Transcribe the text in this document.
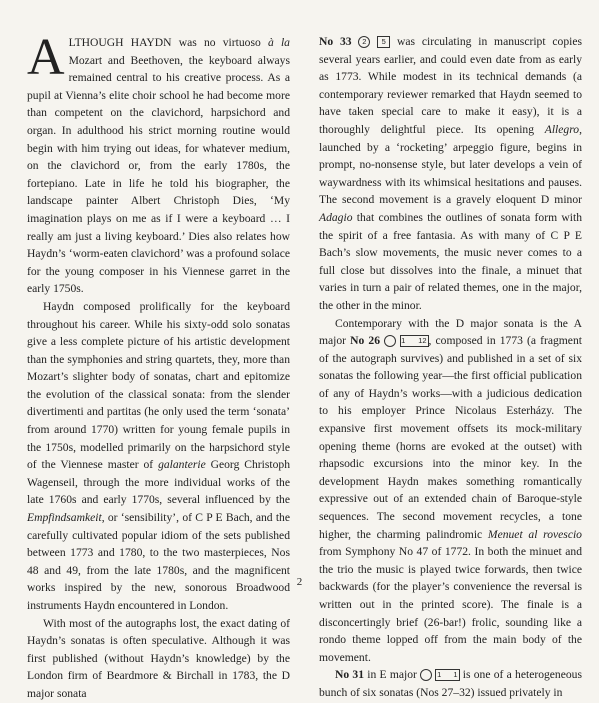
ALTHOUGH HAYDN was no virtuoso à la Mozart and Beethoven, the keyboard always remained central to his creative process. As a pupil at Vienna’s elite choir school he had become more than competent on the clavichord, harpsichord and organ. In adulthood his strict morning routine would begin with him trying out ideas, for whatever medium, on the clavichord or, from the early 1780s, the fortepiano. Late in life he told his biographer, the landscape painter Albert Christoph Dies, ‘My imagination plays on me as if I were a keyboard … I really am just a living keyboard.’ Dies also relates how Haydn’s ‘worm-eaten clavichord’ was a profound solace for the young composer in his Viennese garret in the early 1750s.

Haydn composed prolifically for the keyboard throughout his career. While his sixty-odd solo sonatas give a less complete picture of his artistic development than the symphonies and string quartets, they, more than Mozart’s slighter body of sonatas, chart and epitomize the evolution of the classical sonata: from the slender divertimenti and partitas (he only used the term ‘sonata’ from around 1770) written for young female pupils in the 1750s, modelled primarily on the harpsichord style of the Viennese master of galanterie Georg Christoph Wagenseil, through the more individual works of the late 1760s and early 1770s, several influenced by the Empfindsamkeit, or ‘sensibility’, of C P E Bach, and the carefully cultivated popular idiom of the sets published between 1773 and 1780, to the two masterpieces, Nos 48 and 49, from the late 1780s, and the magnificent works inspired by the new, sonorous Broadwood instruments Haydn encountered in London.

With most of the autographs lost, the exact dating of Haydn’s sonatas is often speculative. Although it was first published (without Haydn’s knowledge) by the London firm of Beardmore & Birchall in 1783, the D major sonata

No 33 2 5 was circulating in manuscript copies several years earlier, and could even date from as early as 1773. While modest in its technical demands (a contemporary reviewer remarked that Haydn seemed to have taken special care to make it easy), it is a thoroughly delightful piece. Its opening Allegro, launched by a ‘rocketing’ arpeggio figure, begins in prompt, no-nonsense style, but later develops a vein of waywardness with its whimsical hesitations and pauses. The second movement is a gravely eloquent D minor Adagio that combines the outlines of sonata form with the spirit of a free fantasia. As with many of C P E Bach’s slow movements, the music never comes to a full close but dissolves into the finale, a minuet that varies in turn a pair of related themes, one in the major, the other in the minor.

Contemporary with the D major sonata is the A major No 26	1 12 , composed in 1773 (a fragment of the autograph survives) and published in a set of six sonatas the following year—the first official publication of any of Haydn’s works—with a judicious dedication to his employer Prince Nicolaus Esterházy. The expansive first movement offsets its mock-military opening theme (horns are evoked at the outset) with rhapsodic excursions into the minor key. In the development Haydn makes something romantically expressive out of an extended chain of Baroque-style sequences. The second movement recycles, a tone higher, the charming palindromic Menuet al rovescio from Symphony No 47 of 1772. In both the minuet and the trio the music is played twice forwards, then twice backwards (for the player’s convenience the reversal is written out in the printed score). The finale is a disconcertingly brief (26-bar!) frolic, sounding like a rondo theme lopped off from the main body of the movement.

No 31 in E major 1 1 is one of a heterogeneous bunch of six sonatas (Nos 27–32) issued privately in

2
